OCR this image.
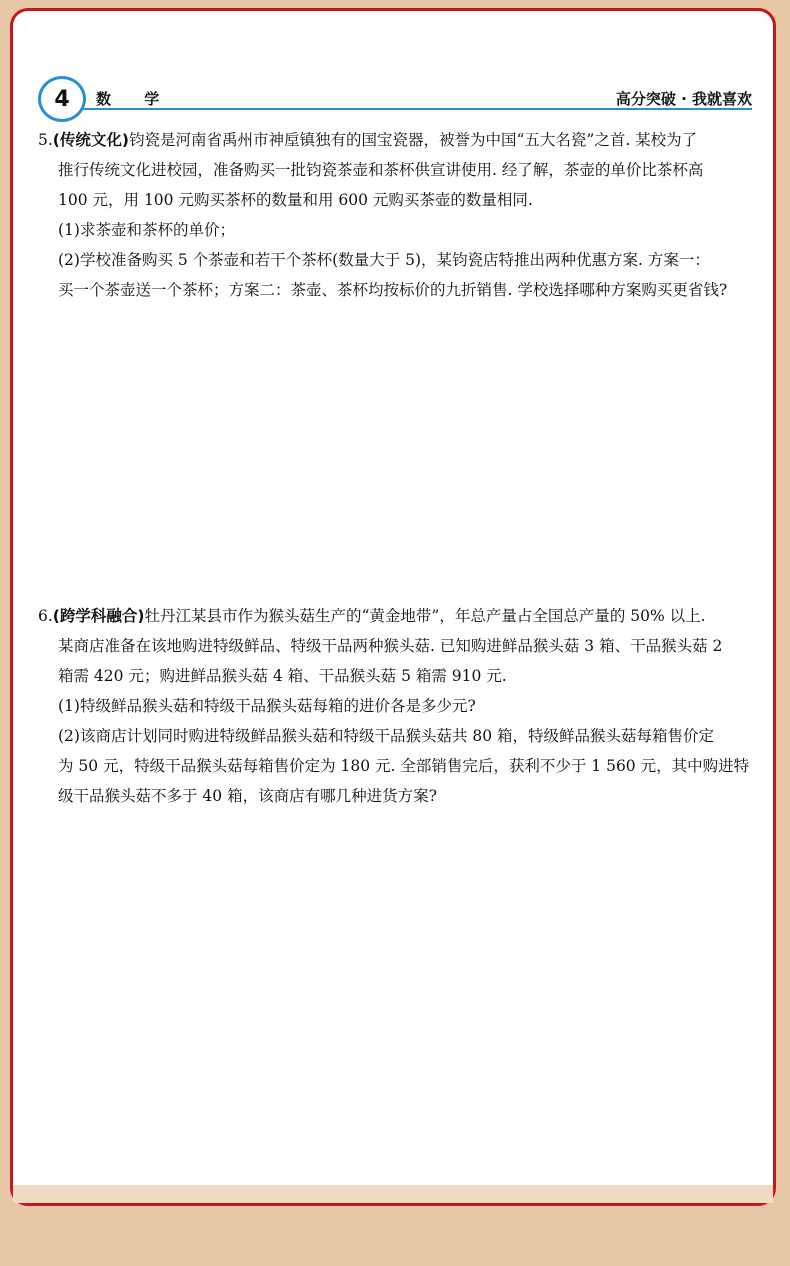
4	数 学	高分突破 · 我就喜欢

5.(传统文化)钧瓷是河南省禹州市神垕镇独有的国宝瓷器，被誉为中国“五大名瓷”之首. 某校为了

推行传统文化进校园，准备购买一批钧瓷茶壶和茶杯供宣讲使用. 经了解，茶壶的单价比茶杯高

100 元，用 100 元购买茶杯的数量和用 600 元购买茶壶的数量相同.

(1)求茶壶和茶杯的单价；

(2)学校准备购买 5 个茶壶和若干个茶杯(数量大于 5)，某钧瓷店特推出两种优惠方案. 方案一：

买一个茶壶送一个茶杯；方案二：茶壶、茶杯均按标价的九折销售. 学校选择哪种方案购买更省钱?

6.(跨学科融合)牡丹江某县市作为猴头菇生产的“黄金地带”，年总产量占全国总产量的 50% 以上.

某商店准备在该地购进特级鲜品、特级干品两种猴头菇. 已知购进鲜品猴头菇 3 箱、干品猴头菇 2

箱需 420 元；购进鲜品猴头菇 4 箱、干品猴头菇 5 箱需 910 元.

(1)特级鲜品猴头菇和特级干品猴头菇每箱的进价各是多少元?

(2)该商店计划同时购进特级鲜品猴头菇和特级干品猴头菇共 80 箱，特级鲜品猴头菇每箱售价定

为 50 元，特级干品猴头菇每箱售价定为 180 元. 全部销售完后，获利不少于 1 560 元，其中购进特

级干品猴头菇不多于 40 箱，该商店有哪几种进货方案?
